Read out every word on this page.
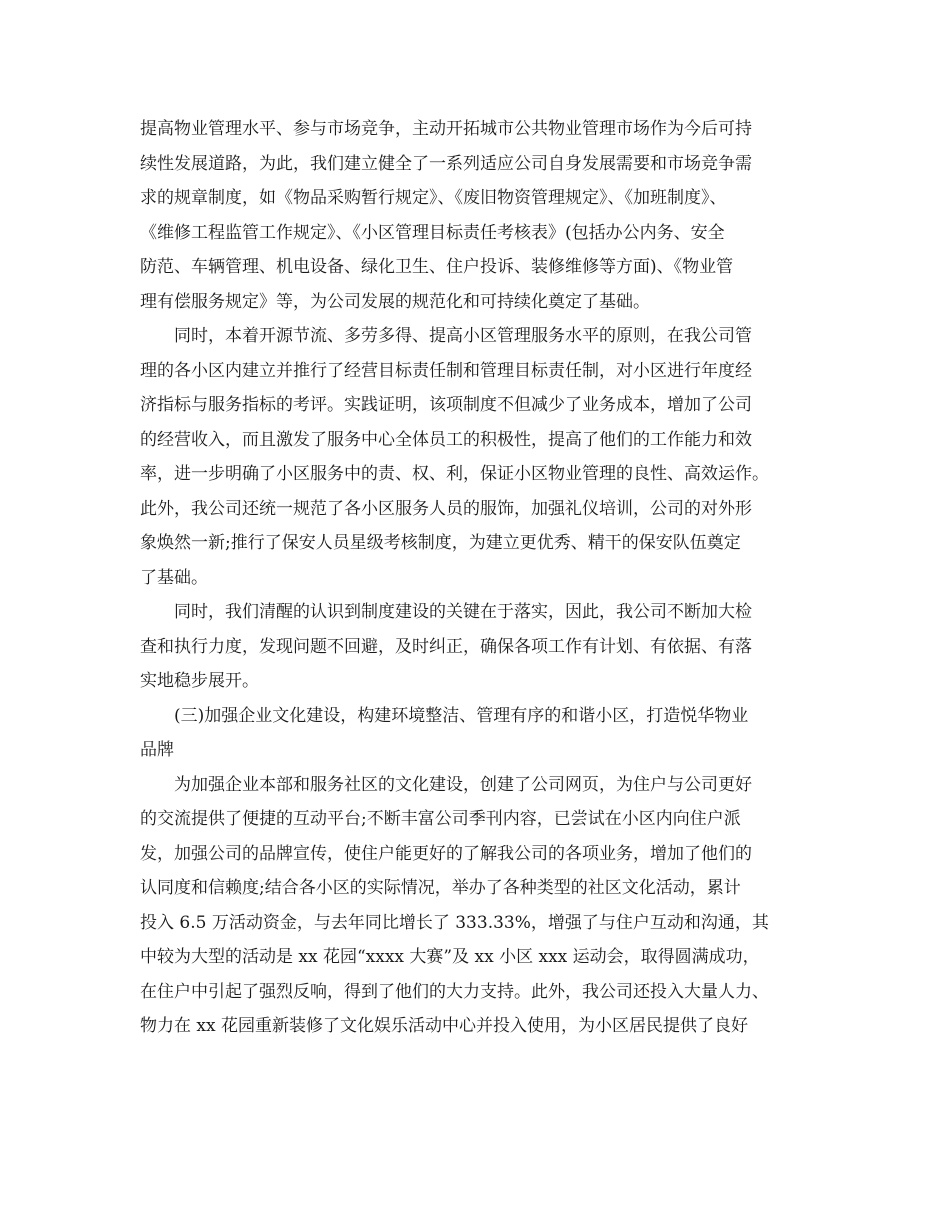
提高物业管理水平、参与市场竞争，主动开拓城市公共物业管理市场作为今后可持
续性发展道路，为此，我们建立健全了一系列适应公司自身发展需要和市场竞争需
求的规章制度，如《物品采购暂行规定》、《废旧物资管理规定》、《加班制度》、
《维修工程监管工作规定》、《小区管理目标责任考核表》(包括办公内务、安全
防范、车辆管理、机电设备、绿化卫生、住户投诉、装修维修等方面)、《物业管
理有偿服务规定》等，为公司发展的规范化和可持续化奠定了基础。
　　同时，本着开源节流、多劳多得、提高小区管理服务水平的原则，在我公司管
理的各小区内建立并推行了经营目标责任制和管理目标责任制，对小区进行年度经
济指标与服务指标的考评。实践证明，该项制度不但减少了业务成本，增加了公司
的经营收入，而且激发了服务中心全体员工的积极性，提高了他们的工作能力和效
率，进一步明确了小区服务中的责、权、利，保证小区物业管理的良性、高效运作。
此外，我公司还统一规范了各小区服务人员的服饰，加强礼仪培训，公司的对外形
象焕然一新;推行了保安人员星级考核制度，为建立更优秀、精干的保安队伍奠定
了基础。
　　同时，我们清醒的认识到制度建设的关键在于落实，因此，我公司不断加大检
查和执行力度，发现问题不回避，及时纠正，确保各项工作有计划、有依据、有落
实地稳步展开。
　　(三)加强企业文化建设，构建环境整洁、管理有序的和谐小区，打造悦华物业
品牌
　　为加强企业本部和服务社区的文化建设，创建了公司网页，为住户与公司更好
的交流提供了便捷的互动平台;不断丰富公司季刊内容，已尝试在小区内向住户派
发，加强公司的品牌宣传，使住户能更好的了解我公司的各项业务，增加了他们的
认同度和信赖度;结合各小区的实际情况，举办了各种类型的社区文化活动，累计
投入 6.5 万活动资金，与去年同比增长了 333.33%，增强了与住户互动和沟通，其
中较为大型的活动是 xx 花园“xxxx 大赛”及 xx 小区 xxx 运动会，取得圆满成功，
在住户中引起了强烈反响，得到了他们的大力支持。此外，我公司还投入大量人力、
物力在 xx 花园重新装修了文化娱乐活动中心并投入使用，为小区居民提供了良好
